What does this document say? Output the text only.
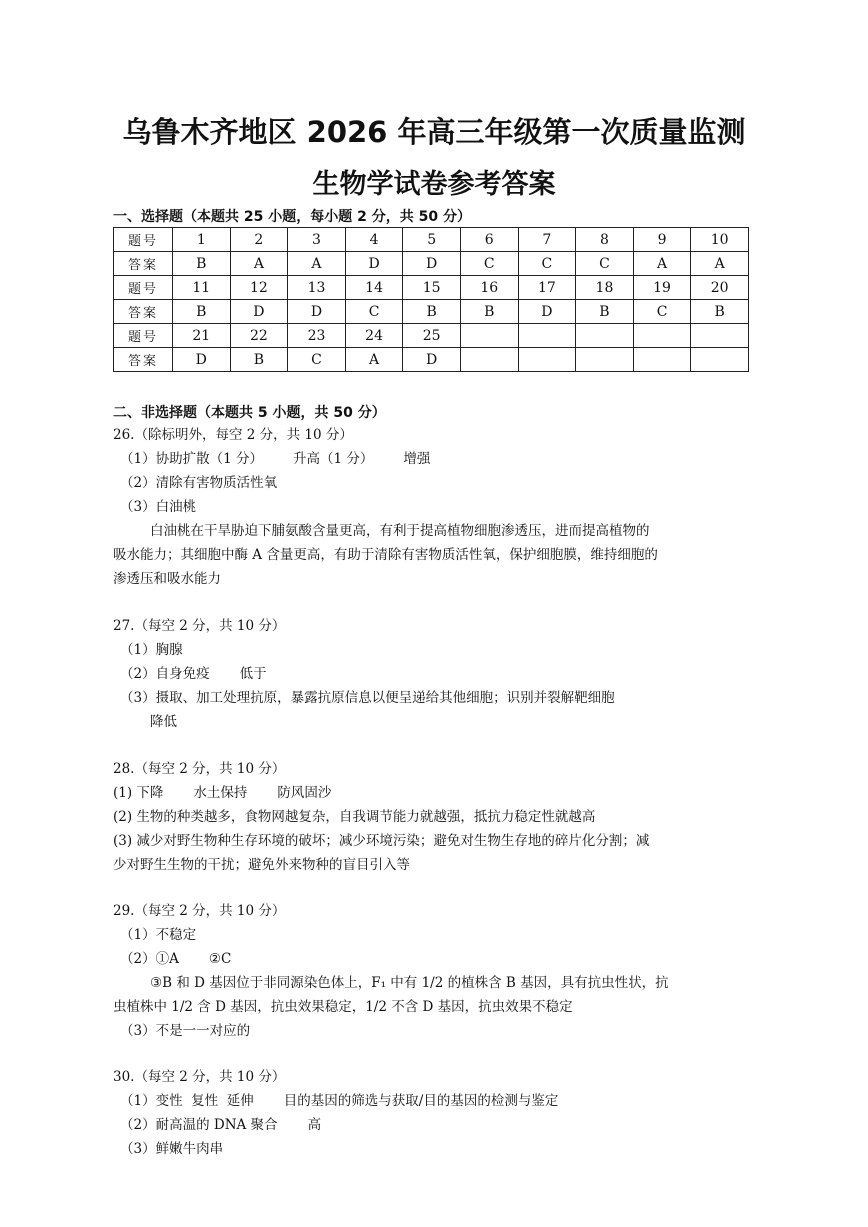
乌鲁木齐地区 2026 年高三年级第一次质量监测
生物学试卷参考答案
一、选择题（本题共 25 小题，每小题 2 分，共 50 分）
题号	1	2	3	4	5	6	7	8	9	10
答案	B	A	A	D	D	C	C	C	A	A
题号	11	12	13	14	15	16	17	18	19	20
答案	B	D	D	C	B	B	D	B	C	B
题号	21	22	23	24	25					
答案	D	B	C	A	D					
二、非选择题（本题共 5 小题，共 50 分）
26.（除标明外，每空 2 分，共 10 分）
（1）协助扩散（1 分） 升高（1 分） 增强
（2）清除有害物质活性氧
（3）白油桃
白油桃在干旱胁迫下脯氨酸含量更高，有利于提高植物细胞渗透压，进而提高植物的
吸水能力；其细胞中酶 A 含量更高，有助于清除有害物质活性氧，保护细胞膜，维持细胞的
渗透压和吸水能力
27.（每空 2 分，共 10 分）
（1）胸腺
（2）自身免疫 低于
（3）摄取、加工处理抗原，暴露抗原信息以便呈递给其他细胞；识别并裂解靶细胞
降低
28.（每空 2 分，共 10 分）
(1) 下降 水土保持 防风固沙
(2) 生物的种类越多，食物网越复杂，自我调节能力就越强，抵抗力稳定性就越高
(3) 减少对野生物种生存环境的破坏；减少环境污染；避免对生物生存地的碎片化分割；减
少对野生生物的干扰；避免外来物种的盲目引入等
29.（每空 2 分，共 10 分）
（1）不稳定
（2）①A ②C
③B 和 D 基因位于非同源染色体上，F₁ 中有 1/2 的植株含 B 基因，具有抗虫性状，抗
虫植株中 1/2 含 D 基因，抗虫效果稳定，1/2 不含 D 基因，抗虫效果不稳定
（3）不是一一对应的
30.（每空 2 分，共 10 分）
（1）变性  复性  延伸 目的基因的筛选与获取/目的基因的检测与鉴定
（2）耐高温的 DNA 聚合 高
（3）鲜嫩牛肉串
